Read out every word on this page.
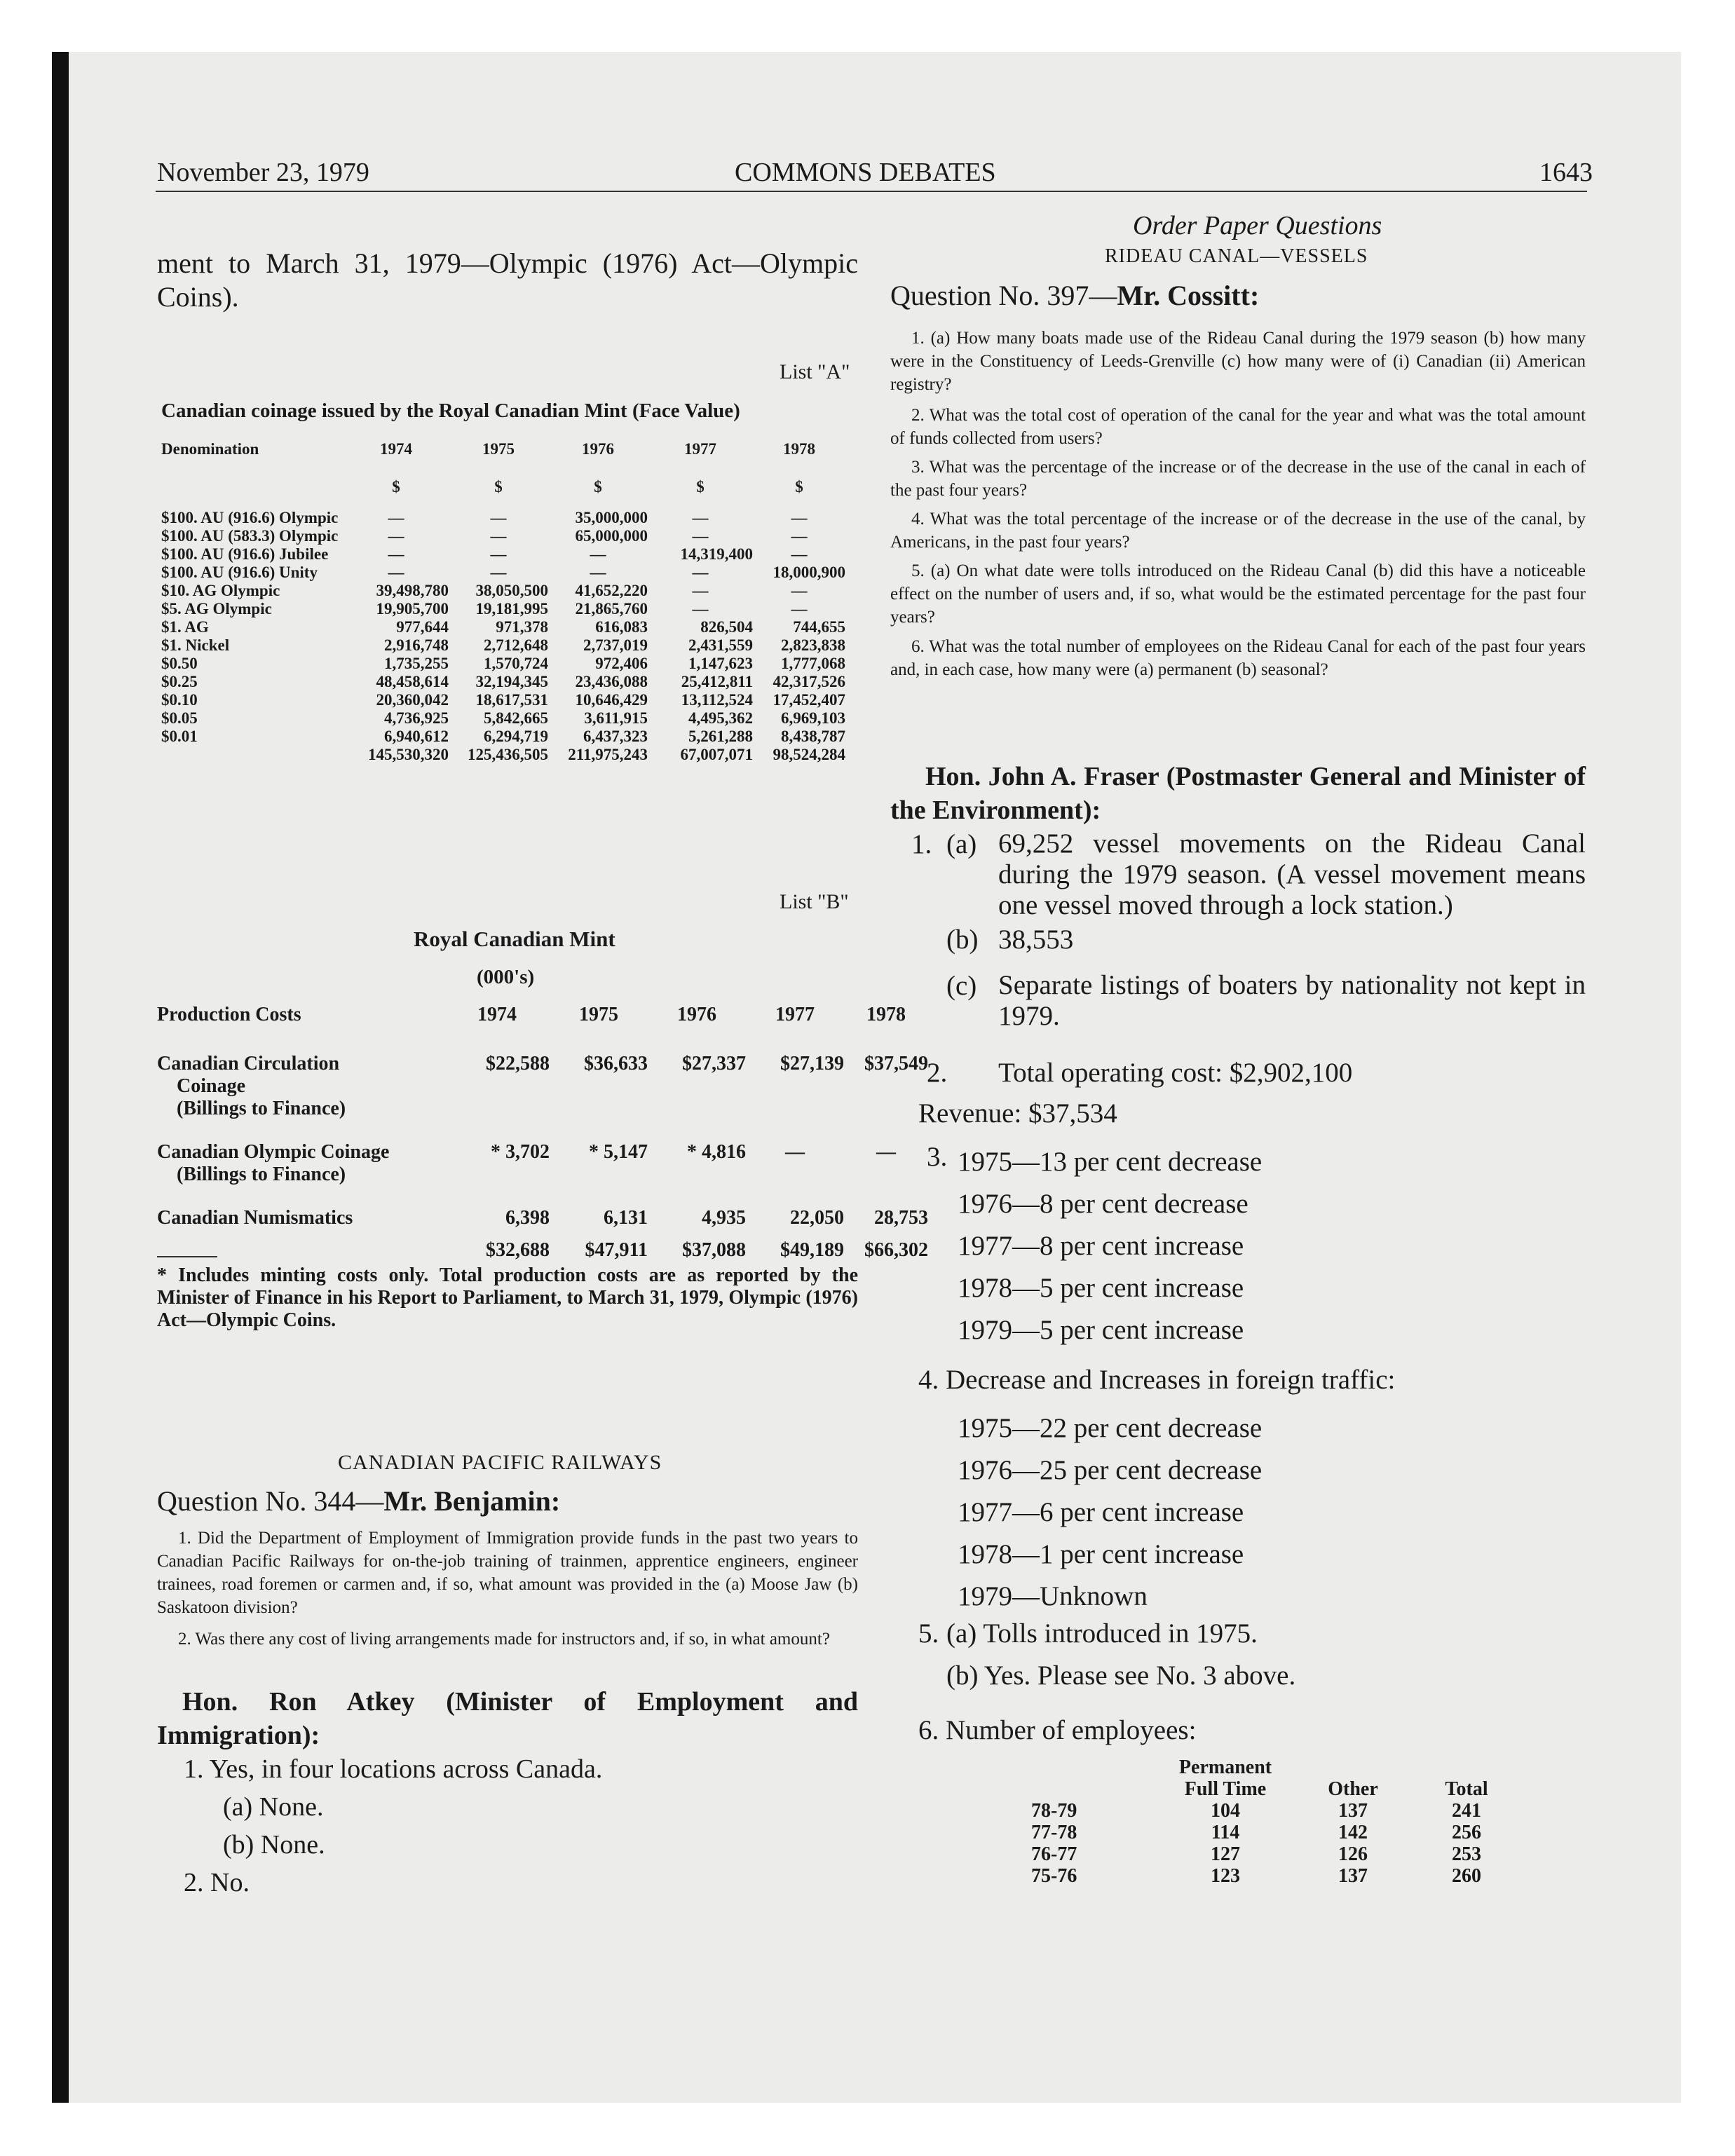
November 23, 1979	COMMONS DEBATES	1643
ment to March 31, 1979—Olympic (1976) Act—Olympic Coins).
List "A"
Canadian coinage issued by the Royal Canadian Mint (Face Value)
Denomination	1974	1975	1976	1977	1978
	$	$	$	$	$

$100. AU (916.6) Olympic	—	—	35,000,000	—	—
$100. AU (583.3) Olympic	—	—	65,000,000	—	—
$100. AU (916.6) Jubilee	—	—	—	14,319,400	—
$100. AU (916.6) Unity	—	—	—	—	18,000,900
$10. AG Olympic	39,498,780	38,050,500	41,652,220	—	—
$5. AG Olympic	19,905,700	19,181,995	21,865,760	—	—
$1. AG	977,644	971,378	616,083	826,504	744,655
$1. Nickel	2,916,748	2,712,648	2,737,019	2,431,559	2,823,838
$0.50	1,735,255	1,570,724	972,406	1,147,623	1,777,068
$0.25	48,458,614	32,194,345	23,436,088	25,412,811	42,317,526
$0.10	20,360,042	18,617,531	10,646,429	13,112,524	17,452,407
$0.05	4,736,925	5,842,665	3,611,915	4,495,362	6,969,103
$0.01	6,940,612	6,294,719	6,437,323	5,261,288	8,438,787
	145,530,320	125,436,505	211,975,243	67,007,071	98,524,284
List "B"
Royal Canadian Mint
(000's)
Production Costs	1974	1975	1976	1977	1978

Canadian Circulation
Coinage
(Billings to Finance)	$22,588	$36,633	$27,337	$27,139	$37,549

Canadian Olympic Coinage
(Billings to Finance)	* 3,702	* 5,147	* 4,816	—	—

Canadian Numismatics	6,398	6,131	4,935	22,050	28,753

	$32,688	$47,911	$37,088	$49,189	$66,302
* Includes minting costs only. Total production costs are as reported by the Minister of Finance in his Report to Parliament, to March 31, 1979, Olympic (1976) Act—Olympic Coins.
CANADIAN PACIFIC RAILWAYS
Question No. 344—Mr. Benjamin:
1. Did the Department of Employment of Immigration provide funds in the past two years to Canadian Pacific Railways for on-the-job training of trainmen, apprentice engineers, engineer trainees, road foremen or carmen and, if so, what amount was provided in the (a) Moose Jaw (b) Saskatoon division?
2. Was there any cost of living arrangements made for instructors and, if so, in what amount?
Hon. Ron Atkey (Minister of Employment and Immigration):
1. Yes, in four locations across Canada.
(a) None.
(b) None.
2. No.
Order Paper Questions
RIDEAU CANAL—VESSELS
Question No. 397—Mr. Cossitt:
1. (a) How many boats made use of the Rideau Canal during the 1979 season (b) how many were in the Constituency of Leeds-Grenville (c) how many were of (i) Canadian (ii) American registry?
2. What was the total cost of operation of the canal for the year and what was the total amount of funds collected from users?
3. What was the percentage of the increase or of the decrease in the use of the canal in each of the past four years?
4. What was the total percentage of the increase or of the decrease in the use of the canal, by Americans, in the past four years?
5. (a) On what date were tolls introduced on the Rideau Canal (b) did this have a noticeable effect on the number of users and, if so, what would be the estimated percentage for the past four years?
6. What was the total number of employees on the Rideau Canal for each of the past four years and, in each case, how many were (a) permanent (b) seasonal?
Hon. John A. Fraser (Postmaster General and Minister of the Environment):
1. (a) 69,252 vessel movements on the Rideau Canal during the 1979 season. (A vessel movement means one vessel moved through a lock station.)
(b) 38,553
(c) Separate listings of boaters by nationality not kept in 1979.
2. Total operating cost: $2,902,100
Revenue: $37,534
3. 1975—13 per cent decrease
1976—8 per cent decrease
1977—8 per cent increase
1978—5 per cent increase
1979—5 per cent increase
4. Decrease and Increases in foreign traffic:
1975—22 per cent decrease
1976—25 per cent decrease
1977—6 per cent increase
1978—1 per cent increase
1979—Unknown
5. (a) Tolls introduced in 1975.
(b) Yes. Please see No. 3 above.
6. Number of employees:
	Permanent		
	Full Time	Other	Total
78-79	104	137	241
77-78	114	142	256
76-77	127	126	253
75-76	123	137	260
